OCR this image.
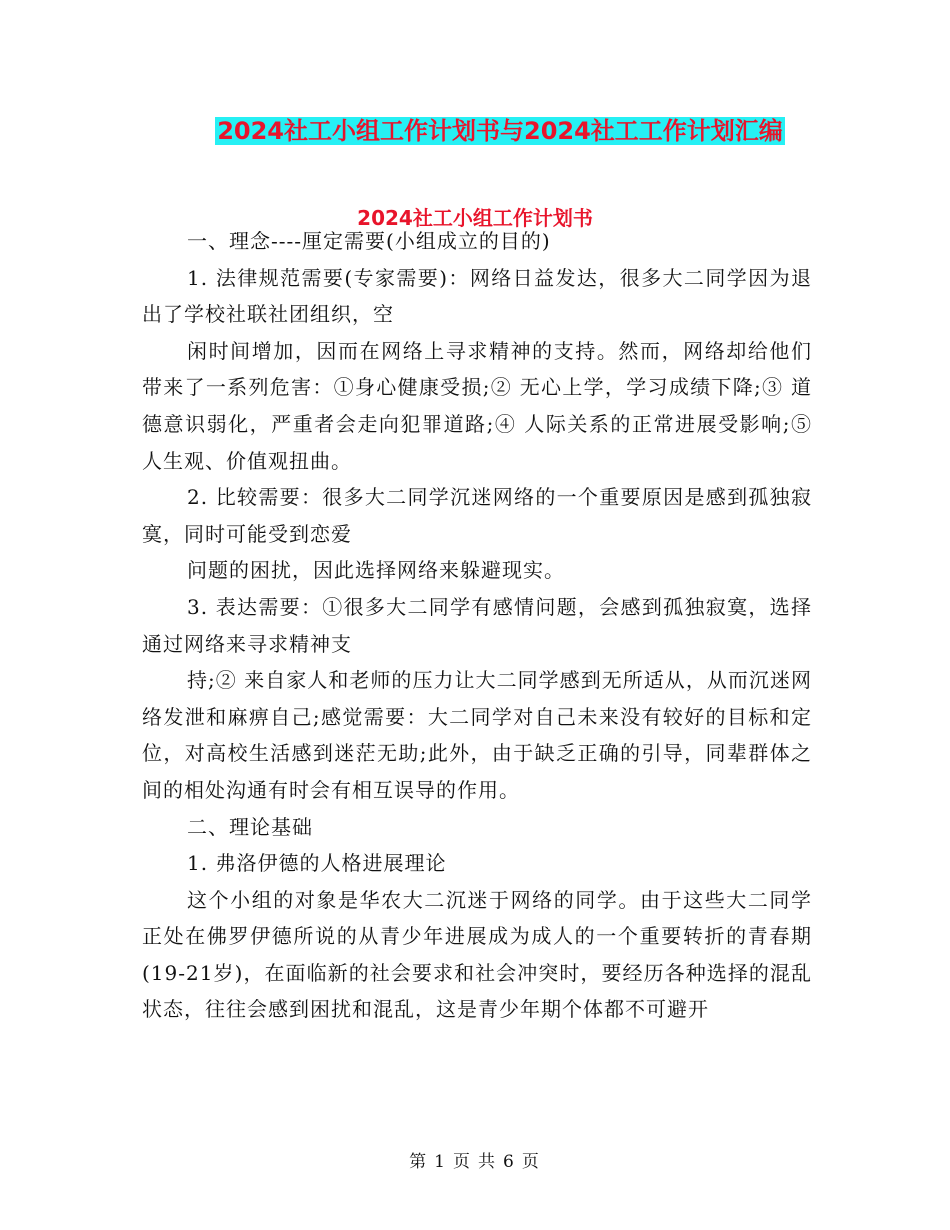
2024社工小组工作计划书与2024社工工作计划汇编
2024社工小组工作计划书

一、理念----厘定需要(小组成立的目的)

1. 法律规范需要(专家需要)：网络日益发达，很多大二同学因为退出了学校社联社团组织，空

闲时间增加，因而在网络上寻求精神的支持。然而，网络却给他们带来了一系列危害：①身心健康受损;② 无心上学，学习成绩下降;③ 道德意识弱化，严重者会走向犯罪道路;④ 人际关系的正常进展受影响;⑤ 人生观、价值观扭曲。

2. 比较需要：很多大二同学沉迷网络的一个重要原因是感到孤独寂寞，同时可能受到恋爱

问题的困扰，因此选择网络来躲避现实。

3. 表达需要：①很多大二同学有感情问题，会感到孤独寂寞，选择通过网络来寻求精神支

持;② 来自家人和老师的压力让大二同学感到无所适从，从而沉迷网络发泄和麻痹自己;感觉需要：大二同学对自己未来没有较好的目标和定位，对高校生活感到迷茫无助;此外，由于缺乏正确的引导，同辈群体之间的相处沟通有时会有相互误导的作用。

二、理论基础

1. 弗洛伊德的人格进展理论

这个小组的对象是华农大二沉迷于网络的同学。由于这些大二同学正处在佛罗伊德所说的从青少年进展成为成人的一个重要转折的青春期(19-21岁)，在面临新的社会要求和社会冲突时，要经历各种选择的混乱状态，往往会感到困扰和混乱，这是青少年期个体都不可避开

第 1 页 共 6 页
